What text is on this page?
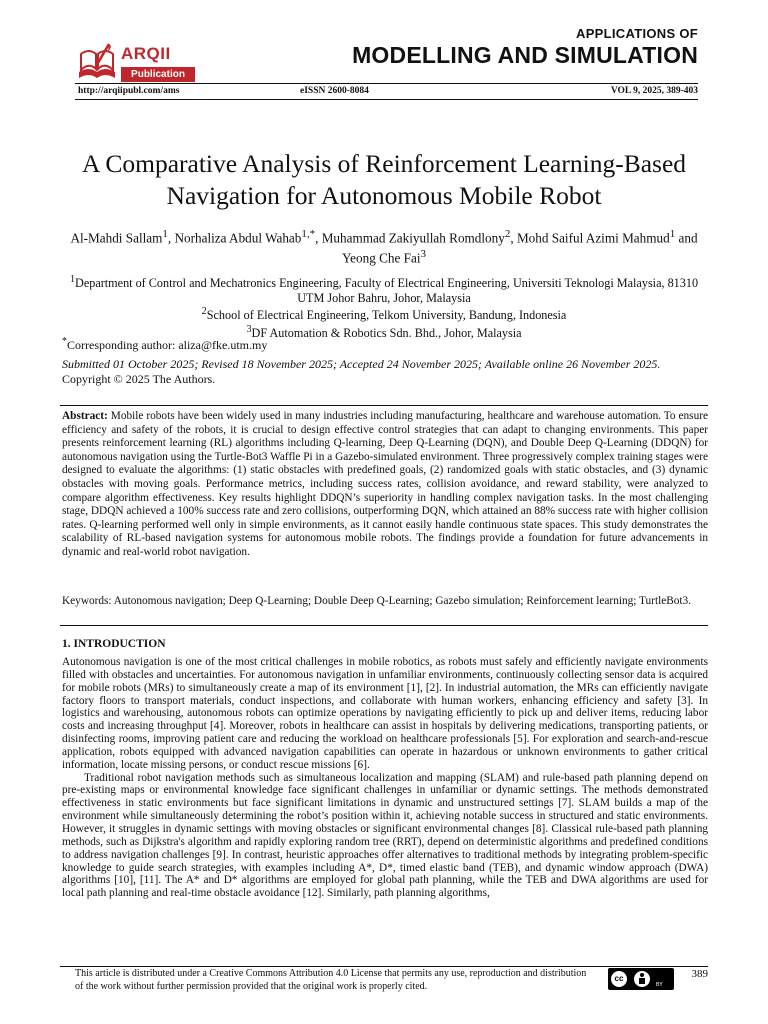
ARQII
Publication
APPLICATIONS OF
MODELLING AND SIMULATION
http://arqiipubl.com/ams	eISSN 2600-8084	VOL 9, 2025, 389-403
A Comparative Analysis of Reinforcement Learning-Based Navigation for Autonomous Mobile Robot
Al-Mahdi Sallam$^1$, Norhaliza Abdul Wahab$^{1,*}$, Muhammad Zakiyullah Romdlony$^2$, Mohd Saiful Azimi Mahmud$^1$ and Yeong Che Fai$^3$
$^1$Department of Control and Mechatronics Engineering, Faculty of Electrical Engineering, Universiti Teknologi Malaysia, 81310 UTM Johor Bahru, Johor, Malaysia
$^2$School of Electrical Engineering, Telkom University, Bandung, Indonesia
$^3$DF Automation & Robotics Sdn. Bhd., Johor, Malaysia
*Corresponding author: aliza@fke.utm.my
Submitted 01 October 2025; Revised 18 November 2025; Accepted 24 November 2025; Available online 26 November 2025.
Copyright © 2025 The Authors.
Abstract: Mobile robots have been widely used in many industries including manufacturing, healthcare and warehouse automation. To ensure efficiency and safety of the robots, it is crucial to design effective control strategies that can adapt to changing environments. This paper presents reinforcement learning (RL) algorithms including Q-learning, Deep Q-Learning (DQN), and Double Deep Q-Learning (DDQN) for autonomous navigation using the Turtle-Bot3 Waffle Pi in a Gazebo-simulated environment. Three progressively complex training stages were designed to evaluate the algorithms: (1) static obstacles with predefined goals, (2) randomized goals with static obstacles, and (3) dynamic obstacles with moving goals. Performance metrics, including success rates, collision avoidance, and reward stability, were analyzed to compare algorithm effectiveness. Key results highlight DDQN’s superiority in handling complex navigation tasks. In the most challenging stage, DDQN achieved a 100% success rate and zero collisions, outperforming DQN, which attained an 88% success rate with higher collision rates. Q-learning performed well only in simple environments, as it cannot easily handle continuous state spaces. This study demonstrates the scalability of RL-based navigation systems for autonomous mobile robots. The findings provide a foundation for future advancements in dynamic and real-world robot navigation.
Keywords: Autonomous navigation; Deep Q-Learning; Double Deep Q-Learning; Gazebo simulation; Reinforcement learning; TurtleBot3.
1. INTRODUCTION

Autonomous navigation is one of the most critical challenges in mobile robotics, as robots must safely and efficiently navigate environments filled with obstacles and uncertainties. For autonomous navigation in unfamiliar environments, continuously collecting sensor data is acquired for mobile robots (MRs) to simultaneously create a map of its environment [1], [2]. In industrial automation, the MRs can efficiently navigate factory floors to transport materials, conduct inspections, and collaborate with human workers, enhancing efficiency and safety [3]. In logistics and warehousing, autonomous robots can optimize operations by navigating efficiently to pick up and deliver items, reducing labor costs and increasing throughput [4]. Moreover, robots in healthcare can assist in hospitals by delivering medications, transporting patients, or disinfecting rooms, improving patient care and reducing the workload on healthcare professionals [5]. For exploration and search-and-rescue application, robots equipped with advanced navigation capabilities can operate in hazardous or unknown environments to gather critical information, locate missing persons, or conduct rescue missions [6].

Traditional robot navigation methods such as simultaneous localization and mapping (SLAM) and rule-based path planning depend on pre-existing maps or environmental knowledge face significant challenges in unfamiliar or dynamic settings. The methods demonstrated effectiveness in static environments but face significant limitations in dynamic and unstructured settings [7]. SLAM builds a map of the environment while simultaneously determining the robot’s position within it, achieving notable success in structured and static environments. However, it struggles in dynamic settings with moving obstacles or significant environmental changes [8]. Classical rule-based path planning methods, such as Dijkstra's algorithm and rapidly exploring random tree (RRT), depend on deterministic algorithms and predefined conditions to address navigation challenges [9]. In contrast, heuristic approaches offer alternatives to traditional methods by integrating problem-specific knowledge to guide search strategies, with examples including A*, D*, timed elastic band (TEB), and dynamic window approach (DWA) algorithms [10], [11]. The A* and D* algorithms are employed for global path planning, while the TEB and DWA algorithms are used for local path planning and real-time obstacle avoidance [12]. Similarly, path planning algorithms,

This article is distributed under a Creative Commons Attribution 4.0 License that permits any use, reproduction and distribution of the work without further permission provided that the original work is properly cited.
cc
BY
389
